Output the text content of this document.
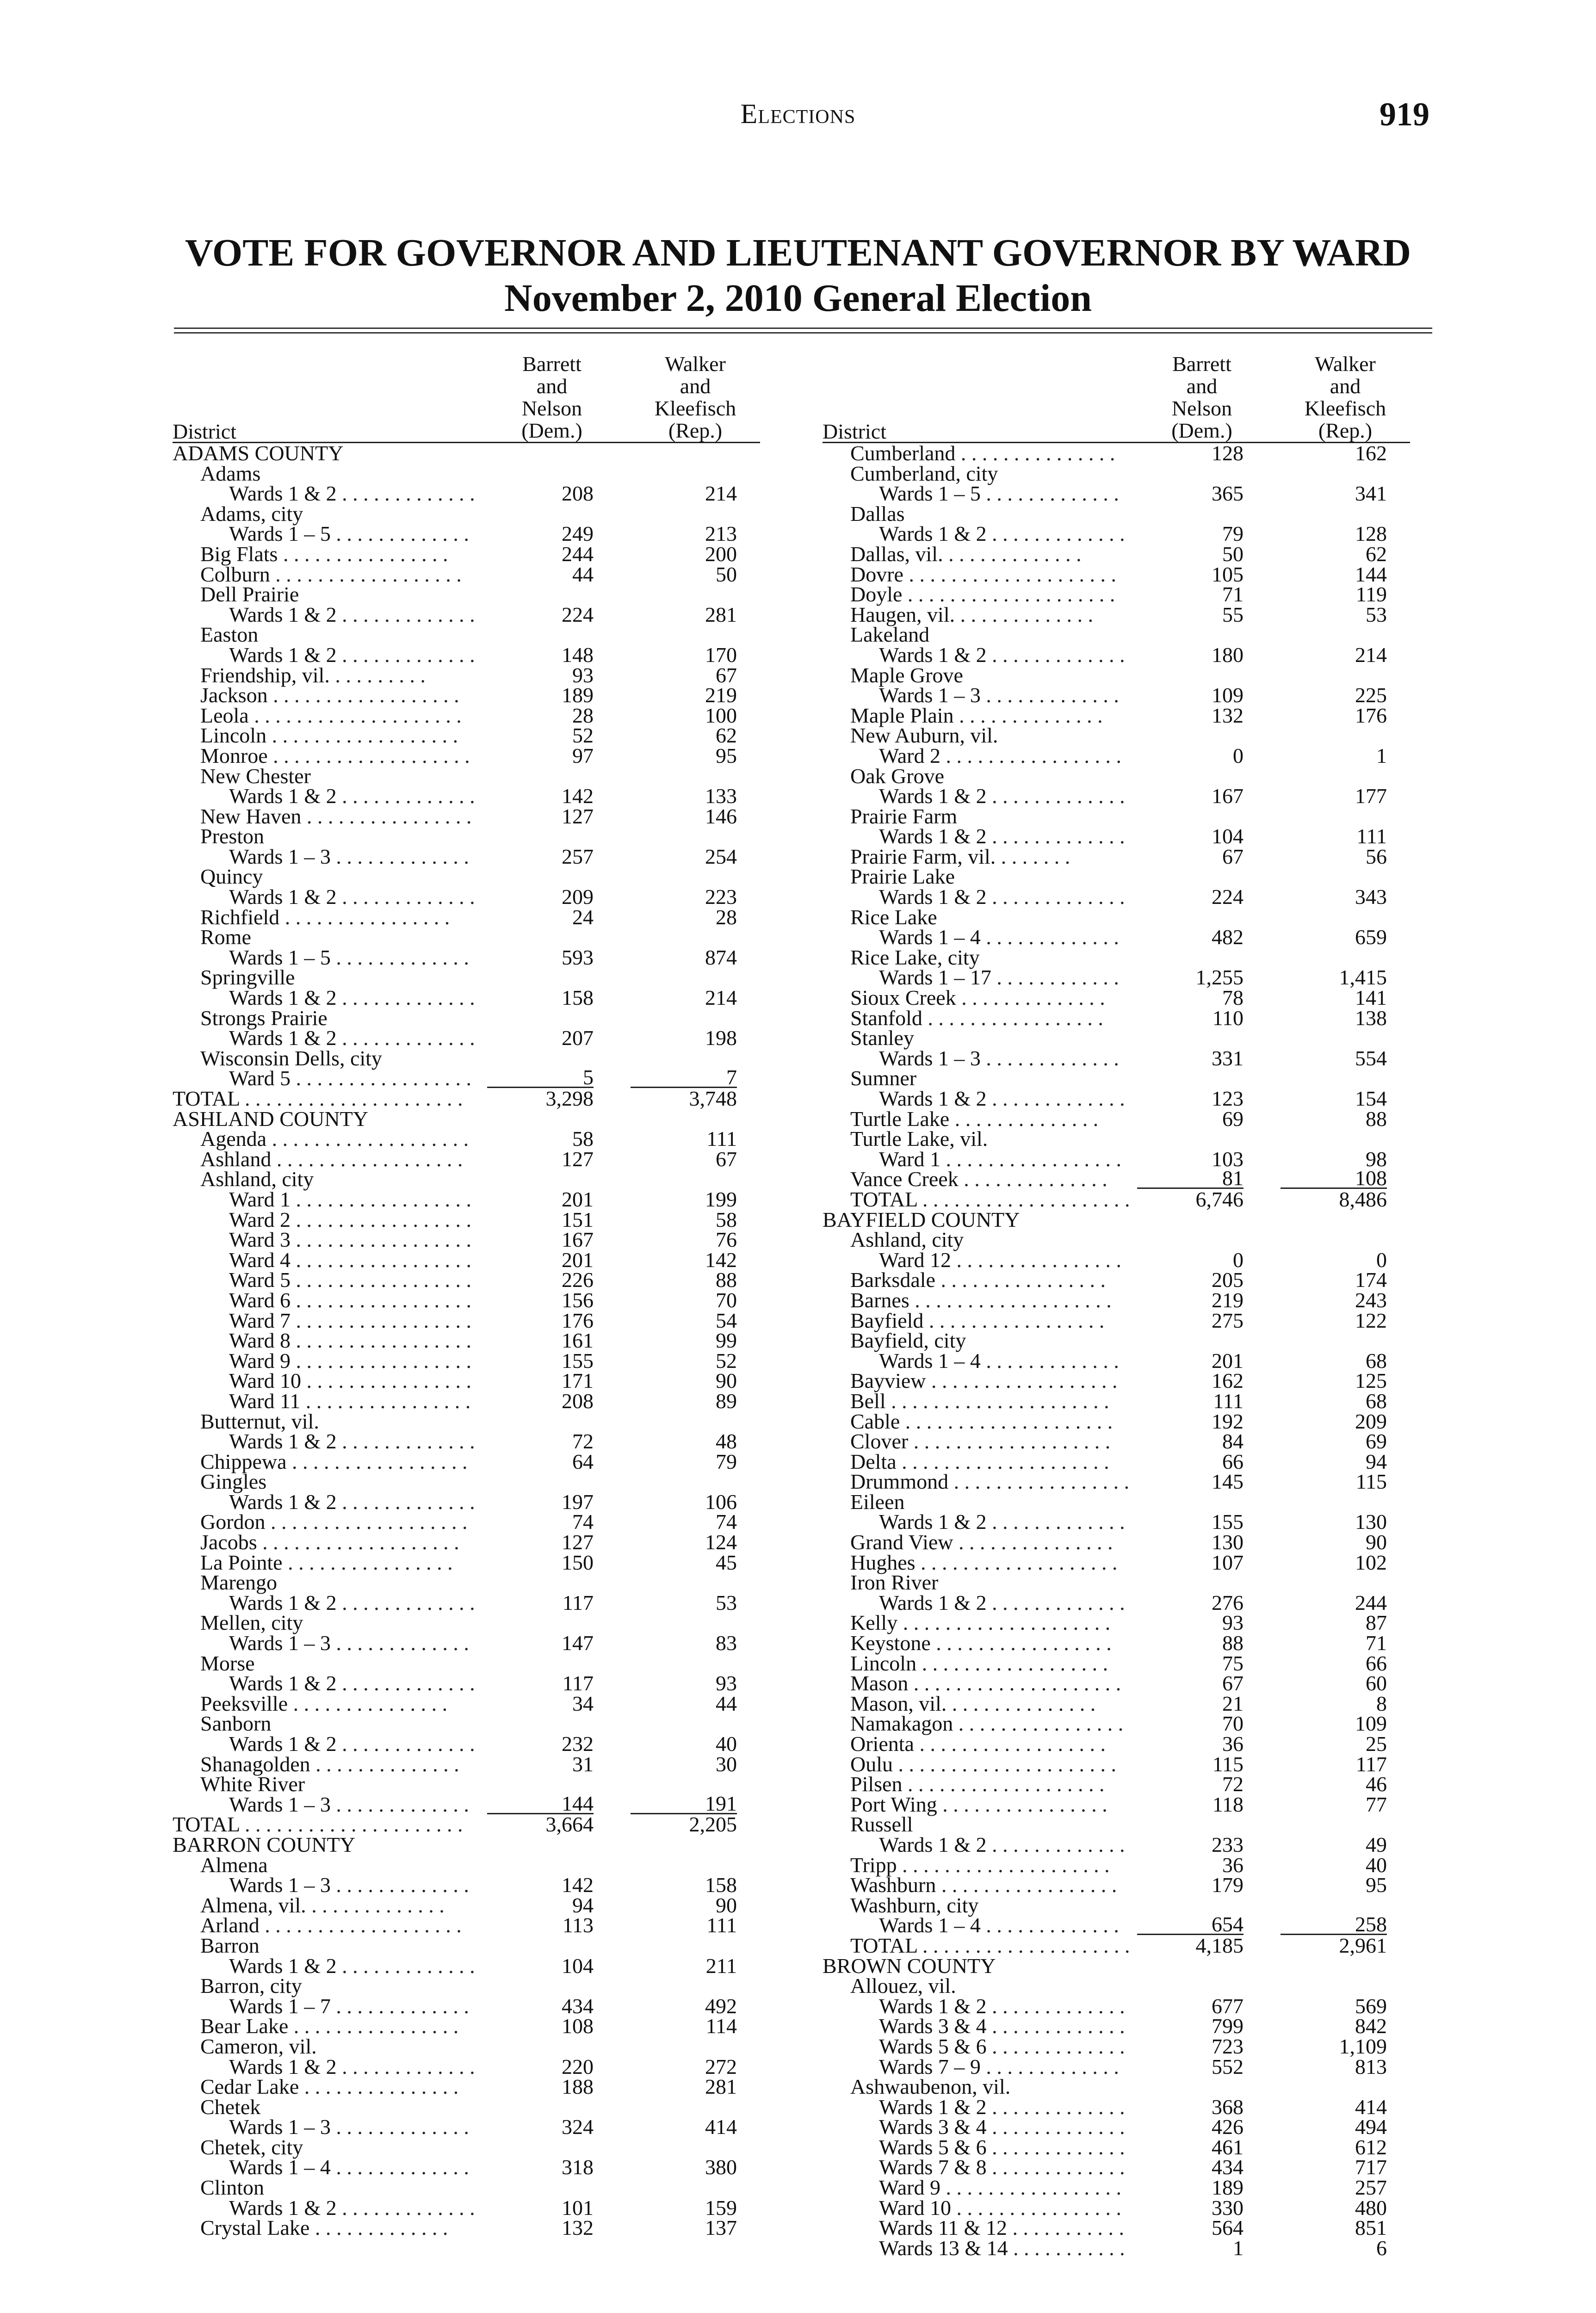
Elections	919
VOTE FOR GOVERNOR AND LIEUTENANT GOVERNOR BY WARD
November 2, 2010 General Election
District
Barrett
and
Nelson
(Dem.)
Walker
and
Kleefisch
(Rep.)
ADAMS COUNTY
Adams
Wards 1 & 2 . . . . . . . . . . . . .	208	214
Adams, city
Wards 1 – 5 . . . . . . . . . . . . .	249	213
Big Flats . . . . . . . . . . . . . . . .	244	200
Colburn . . . . . . . . . . . . . . . . . .	44	50
Dell Prairie
Wards 1 & 2 . . . . . . . . . . . . .	224	281
Easton
Wards 1 & 2 . . . . . . . . . . . . .	148	170
Friendship, vil. . . . . . . . . .	93	67
Jackson . . . . . . . . . . . . . . . . . .	189	219
Leola . . . . . . . . . . . . . . . . . . . .	28	100
Lincoln . . . . . . . . . . . . . . . . . .	52	62
Monroe . . . . . . . . . . . . . . . . . . .	97	95
New Chester
Wards 1 & 2 . . . . . . . . . . . . .	142	133
New Haven . . . . . . . . . . . . . . . .	127	146
Preston
Wards 1 – 3 . . . . . . . . . . . . .	257	254
Quincy
Wards 1 & 2 . . . . . . . . . . . . .	209	223
Richfield . . . . . . . . . . . . . . . .	24	28
Rome
Wards 1 – 5 . . . . . . . . . . . . .	593	874
Springville
Wards 1 & 2 . . . . . . . . . . . . .	158	214
Strongs Prairie
Wards 1 & 2 . . . . . . . . . . . . .	207	198
Wisconsin Dells, city
Ward 5 . . . . . . . . . . . . . . . . .	5	7
TOTAL . . . . . . . . . . . . . . . . . . . . .	3,298	3,748
ASHLAND COUNTY
Agenda . . . . . . . . . . . . . . . . . . .	58	111
Ashland . . . . . . . . . . . . . . . . . .	127	67
Ashland, city
Ward 1 . . . . . . . . . . . . . . . . .	201	199
Ward 2 . . . . . . . . . . . . . . . . .	151	58
Ward 3 . . . . . . . . . . . . . . . . .	167	76
Ward 4 . . . . . . . . . . . . . . . . .	201	142
Ward 5 . . . . . . . . . . . . . . . . .	226	88
Ward 6 . . . . . . . . . . . . . . . . .	156	70
Ward 7 . . . . . . . . . . . . . . . . .	176	54
Ward 8 . . . . . . . . . . . . . . . . .	161	99
Ward 9 . . . . . . . . . . . . . . . . .	155	52
Ward 10 . . . . . . . . . . . . . . . .	171	90
Ward 11 . . . . . . . . . . . . . . . .	208	89
Butternut, vil.
Wards 1 & 2 . . . . . . . . . . . . .	72	48
Chippewa . . . . . . . . . . . . . . . . .	64	79
Gingles
Wards 1 & 2 . . . . . . . . . . . . .	197	106
Gordon . . . . . . . . . . . . . . . . . . .	74	74
Jacobs . . . . . . . . . . . . . . . . . . .	127	124
La Pointe . . . . . . . . . . . . . . . .	150	45
Marengo
Wards 1 & 2 . . . . . . . . . . . . .	117	53
Mellen, city
Wards 1 – 3 . . . . . . . . . . . . .	147	83
Morse
Wards 1 & 2 . . . . . . . . . . . . .	117	93
Peeksville . . . . . . . . . . . . . . .	34	44
Sanborn
Wards 1 & 2 . . . . . . . . . . . . .	232	40
Shanagolden . . . . . . . . . . . . . .	31	30
White River
Wards 1 – 3 . . . . . . . . . . . . .	144	191
TOTAL . . . . . . . . . . . . . . . . . . . . .	3,664	2,205
BARRON COUNTY
Almena
Wards 1 – 3 . . . . . . . . . . . . .	142	158
Almena, vil. . . . . . . . . . . . . .	94	90
Arland . . . . . . . . . . . . . . . . . . .	113	111
Barron
Wards 1 & 2 . . . . . . . . . . . . .	104	211
Barron, city
Wards 1 – 7 . . . . . . . . . . . . .	434	492
Bear Lake . . . . . . . . . . . . . . . .	108	114
Cameron, vil.
Wards 1 & 2 . . . . . . . . . . . . .	220	272
Cedar Lake . . . . . . . . . . . . . . .	188	281
Chetek
Wards 1 – 3 . . . . . . . . . . . . .	324	414
Chetek, city
Wards 1 – 4 . . . . . . . . . . . . .	318	380
Clinton
Wards 1 & 2 . . . . . . . . . . . . .	101	159
Crystal Lake . . . . . . . . . . . . .	132	137
District
Barrett
and
Nelson
(Dem.)
Walker
and
Kleefisch
(Rep.)
Cumberland . . . . . . . . . . . . . . .	128	162
Cumberland, city
Wards 1 – 5 . . . . . . . . . . . . .	365	341
Dallas
Wards 1 & 2 . . . . . . . . . . . . .	79	128
Dallas, vil. . . . . . . . . . . . . .	50	62
Dovre . . . . . . . . . . . . . . . . . . . .	105	144
Doyle . . . . . . . . . . . . . . . . . . . .	71	119
Haugen, vil. . . . . . . . . . . . . .	55	53
Lakeland
Wards 1 & 2 . . . . . . . . . . . . .	180	214
Maple Grove
Wards 1 – 3 . . . . . . . . . . . . .	109	225
Maple Plain . . . . . . . . . . . . . .	132	176
New Auburn, vil.
Ward 2 . . . . . . . . . . . . . . . . .	0	1
Oak Grove
Wards 1 & 2 . . . . . . . . . . . . .	167	177
Prairie Farm
Wards 1 & 2 . . . . . . . . . . . . .	104	111
Prairie Farm, vil. . . . . . . .	67	56
Prairie Lake
Wards 1 & 2 . . . . . . . . . . . . .	224	343
Rice Lake
Wards 1 – 4 . . . . . . . . . . . . .	482	659
Rice Lake, city
Wards 1 – 17 . . . . . . . . . . . .	1,255	1,415
Sioux Creek . . . . . . . . . . . . . .	78	141
Stanfold . . . . . . . . . . . . . . . . .	110	138
Stanley
Wards 1 – 3 . . . . . . . . . . . . .	331	554
Sumner
Wards 1 & 2 . . . . . . . . . . . . .	123	154
Turtle Lake . . . . . . . . . . . . . .	69	88
Turtle Lake, vil.
Ward 1 . . . . . . . . . . . . . . . . .	103	98
Vance Creek . . . . . . . . . . . . . .	81	108
TOTAL . . . . . . . . . . . . . . . . . . . .	6,746	8,486
BAYFIELD COUNTY
Ashland, city
Ward 12 . . . . . . . . . . . . . . . .	0	0
Barksdale . . . . . . . . . . . . . . . .	205	174
Barnes . . . . . . . . . . . . . . . . . . .	219	243
Bayfield . . . . . . . . . . . . . . . . .	275	122
Bayfield, city
Wards 1 – 4 . . . . . . . . . . . . .	201	68
Bayview . . . . . . . . . . . . . . . . . .	162	125
Bell . . . . . . . . . . . . . . . . . . . . .	111	68
Cable . . . . . . . . . . . . . . . . . . . .	192	209
Clover . . . . . . . . . . . . . . . . . . .	84	69
Delta . . . . . . . . . . . . . . . . . . . .	66	94
Drummond . . . . . . . . . . . . . . . . .	145	115
Eileen
Wards 1 & 2 . . . . . . . . . . . . .	155	130
Grand View . . . . . . . . . . . . . . .	130	90
Hughes . . . . . . . . . . . . . . . . . . .	107	102
Iron River
Wards 1 & 2 . . . . . . . . . . . . .	276	244
Kelly . . . . . . . . . . . . . . . . . . . .	93	87
Keystone . . . . . . . . . . . . . . . . .	88	71
Lincoln . . . . . . . . . . . . . . . . . .	75	66
Mason . . . . . . . . . . . . . . . . . . . .	67	60
Mason, vil. . . . . . . . . . . . . . .	21	8
Namakagon . . . . . . . . . . . . . . . .	70	109
Orienta . . . . . . . . . . . . . . . . . .	36	25
Oulu . . . . . . . . . . . . . . . . . . . . .	115	117
Pilsen . . . . . . . . . . . . . . . . . . .	72	46
Port Wing . . . . . . . . . . . . . . . .	118	77
Russell
Wards 1 & 2 . . . . . . . . . . . . .	233	49
Tripp . . . . . . . . . . . . . . . . . . . .	36	40
Washburn . . . . . . . . . . . . . . . . .	179	95
Washburn, city
Wards 1 – 4 . . . . . . . . . . . . .	654	258
TOTAL . . . . . . . . . . . . . . . . . . . .	4,185	2,961
BROWN COUNTY
Allouez, vil.
Wards 1 & 2 . . . . . . . . . . . . .	677	569
Wards 3 & 4 . . . . . . . . . . . . .	799	842
Wards 5 & 6 . . . . . . . . . . . . .	723	1,109
Wards 7 – 9 . . . . . . . . . . . . .	552	813
Ashwaubenon, vil.
Wards 1 & 2 . . . . . . . . . . . . .	368	414
Wards 3 & 4 . . . . . . . . . . . . .	426	494
Wards 5 & 6 . . . . . . . . . . . . .	461	612
Wards 7 & 8 . . . . . . . . . . . . .	434	717
Ward 9 . . . . . . . . . . . . . . . . .	189	257
Ward 10 . . . . . . . . . . . . . . . .	330	480
Wards 11 & 12 . . . . . . . . . . .	564	851
Wards 13 & 14 . . . . . . . . . . .	1	6
